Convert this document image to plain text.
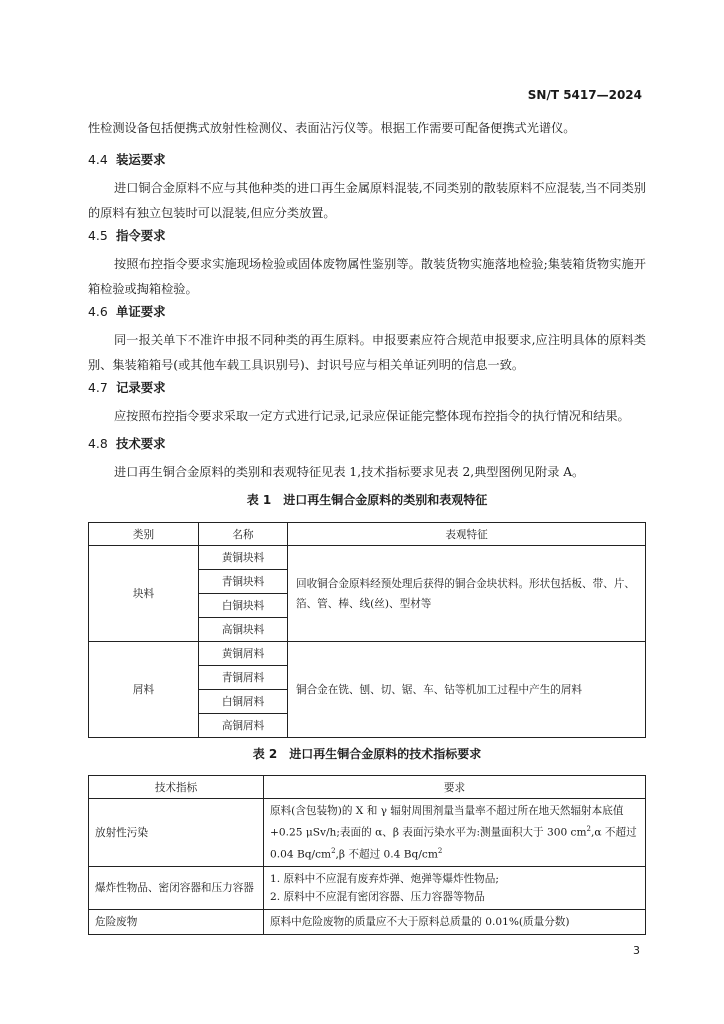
SN/T 5417—2024
性检测设备包括便携式放射性检测仪、表面沾污仪等。根据工作需要可配备便携式光谱仪。
4.4 装运要求
进口铜合金原料不应与其他种类的进口再生金属原料混装,不同类别的散装原料不应混装,当不同类别的原料有独立包装时可以混装,但应分类放置。
4.5 指令要求
按照布控指令要求实施现场检验或固体废物属性鉴别等。散装货物实施落地检验;集装箱货物实施开箱检验或掏箱检验。
4.6 单证要求
同一报关单下不准许申报不同种类的再生原料。申报要素应符合规范申报要求,应注明具体的原料类别、集装箱箱号(或其他车载工具识别号)、封识号应与相关单证列明的信息一致。
4.7 记录要求
应按照布控指令要求采取一定方式进行记录,记录应保证能完整体现布控指令的执行情况和结果。
4.8 技术要求
进口再生铜合金原料的类别和表观特征见表 1,技术指标要求见表 2,典型图例见附录 A。
表 1　进口再生铜合金原料的类别和表观特征
类别	名称	表观特征
块料	黄铜块料	回收铜合金原料经预处理后获得的铜合金块状料。形状包括板、带、片、箔、管、棒、线(丝)、型材等
	青铜块料	
	白铜块料	
	高铜块料	
屑料	黄铜屑料	铜合金在铣、刨、切、锯、车、钻等机加工过程中产生的屑料
	青铜屑料	
	白铜屑料	
	高铜屑料	
表 2　进口再生铜合金原料的技术指标要求
技术指标	要求
放射性污染	原料(含包装物)的 X 和 γ 辐射周围剂量当量率不超过所在地天然辐射本底值
+0.25 μSv/h;表面的 α、β 表面污染水平为:测量面积大于 300 $cm^2,\alpha$ 不超过
0.04 $Bq/cm^2,\beta$ 不超过 0.4 $Bq/cm^2$

爆炸性物品、密闭容器和压力容器	1. 原料中不应混有废弃炸弹、炮弹等爆炸性物品;
2. 原料中不应混有密闭容器、压力容器等物品

危险废物	原料中危险废物的质量应不大于原料总质量的 0.01%(质量分数)
3
